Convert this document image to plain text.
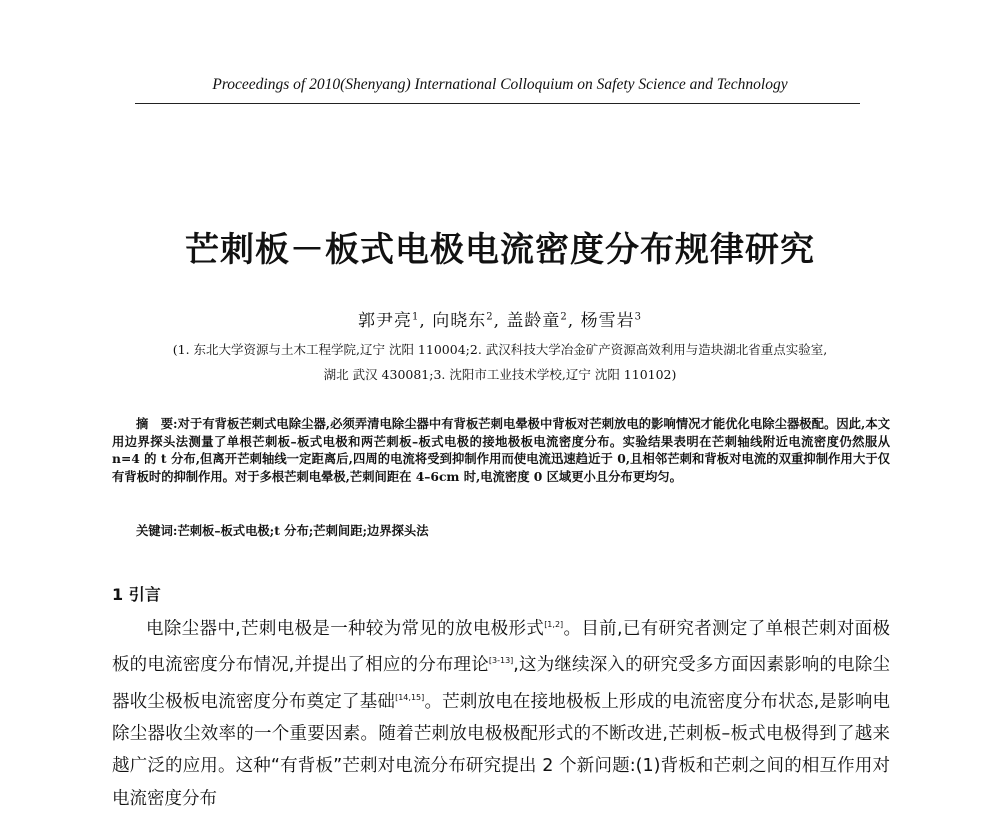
Proceedings of 2010(Shenyang) International Colloquium on Safety Science and Technology
芒刺板－板式电极电流密度分布规律研究
郭尹亮$^1$, 向晓东$^2$, 盖龄童$^2$, 杨雪岩$^3$
(1. 东北大学资源与土木工程学院,辽宁 沈阳 110004;2. 武汉科技大学冶金矿产资源高效利用与造块湖北省重点实验室,
湖北 武汉 430081;3. 沈阳市工业技术学校,辽宁 沈阳 110102)
摘　要:对于有背板芒刺式电除尘器,必须弄清电除尘器中有背板芒刺电晕极中背板对芒刺放电的影响情况才能优化电除尘器极配。因此,本文用边界探头法测量了单根芒刺板–板式电极和两芒刺板–板式电极的接地极板电流密度分布。实验结果表明在芒刺轴线附近电流密度仍然服从 n=4 的 t 分布,但离开芒刺轴线一定距离后,四周的电流将受到抑制作用而使电流迅速趋近于 0,且相邻芒刺和背板对电流的双重抑制作用大于仅有背板时的抑制作用。对于多根芒刺电晕极,芒刺间距在 4–6cm 时,电流密度 0 区域更小且分布更均匀。
关键词:芒刺板–板式电极;t 分布;芒刺间距;边界探头法
1 引言
电除尘器中,芒刺电极是一种较为常见的放电极形式[1,2]。目前,已有研究者测定了单根芒刺对面极板的电流密度分布情况,并提出了相应的分布理论[3-13],这为继续深入的研究受多方面因素影响的电除尘器收尘极板电流密度分布奠定了基础[14,15]。芒刺放电在接地极板上形成的电流密度分布状态,是影响电除尘器收尘效率的一个重要因素。随着芒刺放电极极配形式的不断改进,芒刺板–板式电极得到了越来越广泛的应用。这种“有背板”芒刺对电流分布研究提出 2 个新问题:(1)背板和芒刺之间的相互作用对电流密度分布
